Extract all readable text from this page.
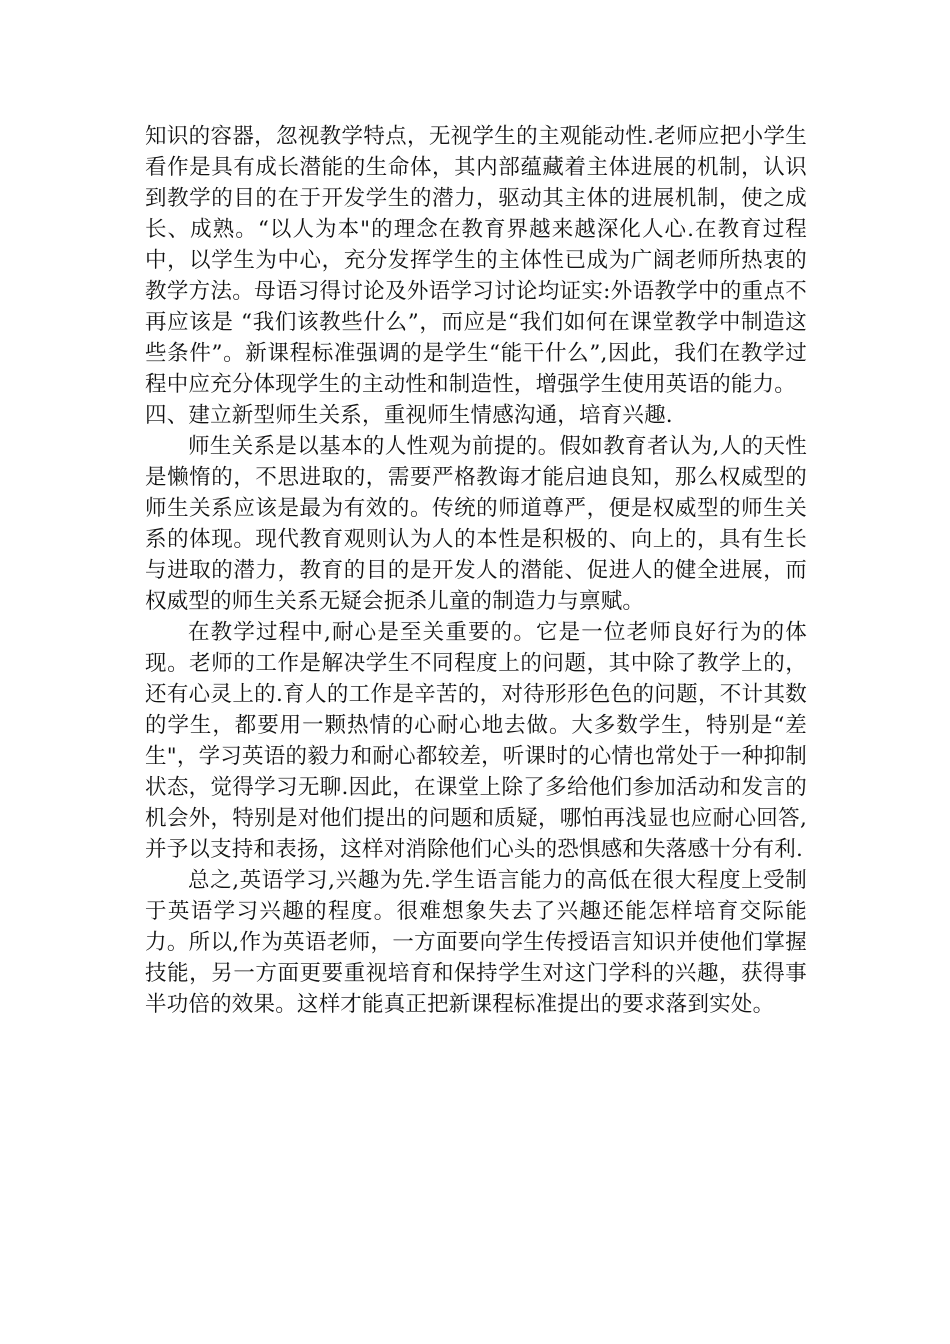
知识的容器，忽视教学特点，无视学生的主观能动性.老师应把小学生看作是具有成长潜能的生命体，其内部蕴藏着主体进展的机制，认识到教学的目的在于开发学生的潜力，驱动其主体的进展机制，使之成长、成熟。“以人为本"的理念在教育界越来越深化人心.在教育过程中，以学生为中心，充分发挥学生的主体性已成为广阔老师所热衷的教学方法。母语习得讨论及外语学习讨论均证实:外语教学中的重点不再应该是 “我们该教些什么”，而应是“我们如何在课堂教学中制造这些条件”。新课程标准强调的是学生“能干什么”,因此，我们在教学过程中应充分体现学生的主动性和制造性，增强学生使用英语的能力。

四、建立新型师生关系，重视师生情感沟通，培育兴趣.

师生关系是以基本的人性观为前提的。假如教育者认为,人的天性是懒惰的，不思进取的，需要严格教诲才能启迪良知，那么权威型的师生关系应该是最为有效的。传统的师道尊严，便是权威型的师生关系的体现。现代教育观则认为人的本性是积极的、向上的，具有生长与进取的潜力，教育的目的是开发人的潜能、促进人的健全进展，而权威型的师生关系无疑会扼杀儿童的制造力与禀赋。

在教学过程中,耐心是至关重要的。它是一位老师良好行为的体现。老师的工作是解决学生不同程度上的问题，其中除了教学上的，还有心灵上的.育人的工作是辛苦的，对待形形色色的问题，不计其数的学生，都要用一颗热情的心耐心地去做。大多数学生，特别是“差生"，学习英语的毅力和耐心都较差，听课时的心情也常处于一种抑制状态，觉得学习无聊.因此，在课堂上除了多给他们参加活动和发言的机会外，特别是对他们提出的问题和质疑，哪怕再浅显也应耐心回答,并予以支持和表扬，这样对消除他们心头的恐惧感和失落感十分有利.

总之,英语学习,兴趣为先.学生语言能力的高低在很大程度上受制于英语学习兴趣的程度。很难想象失去了兴趣还能怎样培育交际能力。所以,作为英语老师，一方面要向学生传授语言知识并使他们掌握技能，另一方面更要重视培育和保持学生对这门学科的兴趣，获得事半功倍的效果。这样才能真正把新课程标准提出的要求落到实处。
